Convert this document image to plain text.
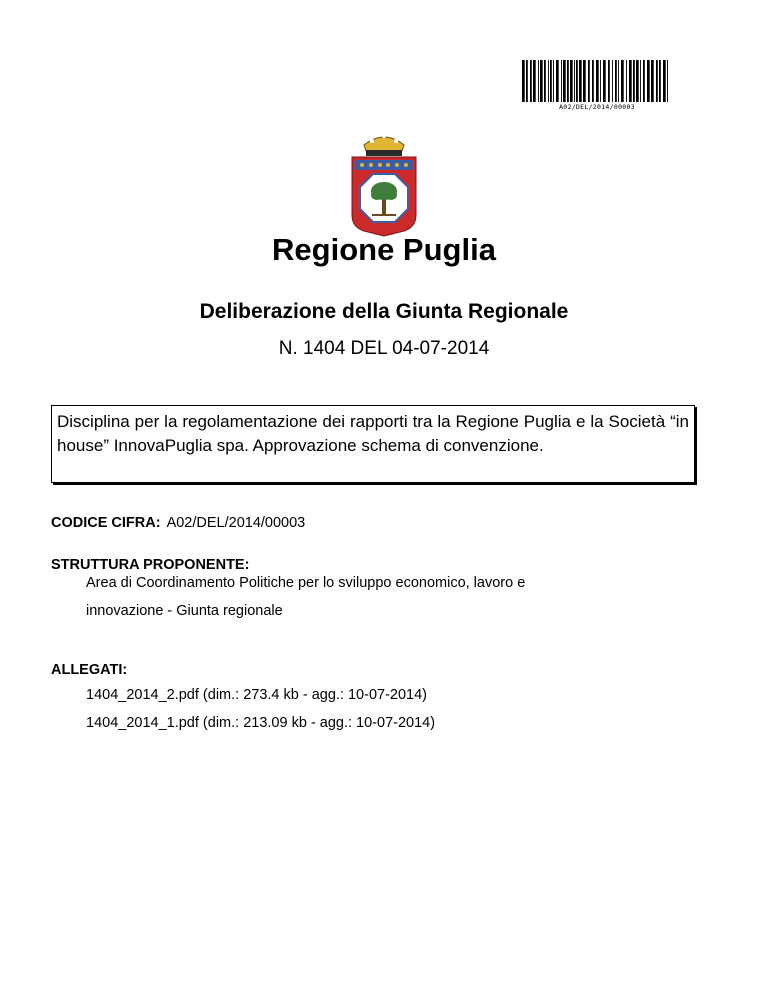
A02/DEL/2014/00003
Regione Puglia
Deliberazione della Giunta Regionale
N. 1404 DEL 04-07-2014
Disciplina per la regolamentazione dei rapporti tra la Regione Puglia e la Società “in house” InnovaPuglia spa. Approvazione schema di convenzione.
CODICE CIFRA: A02/DEL/2014/00003
STRUTTURA PROPONENTE:
Area di Coordinamento Politiche per lo sviluppo economico, lavoro e
innovazione - Giunta regionale
ALLEGATI:
1404_2014_2.pdf (dim.: 273.4 kb - agg.: 10-07-2014)
1404_2014_1.pdf (dim.: 213.09 kb - agg.: 10-07-2014)
